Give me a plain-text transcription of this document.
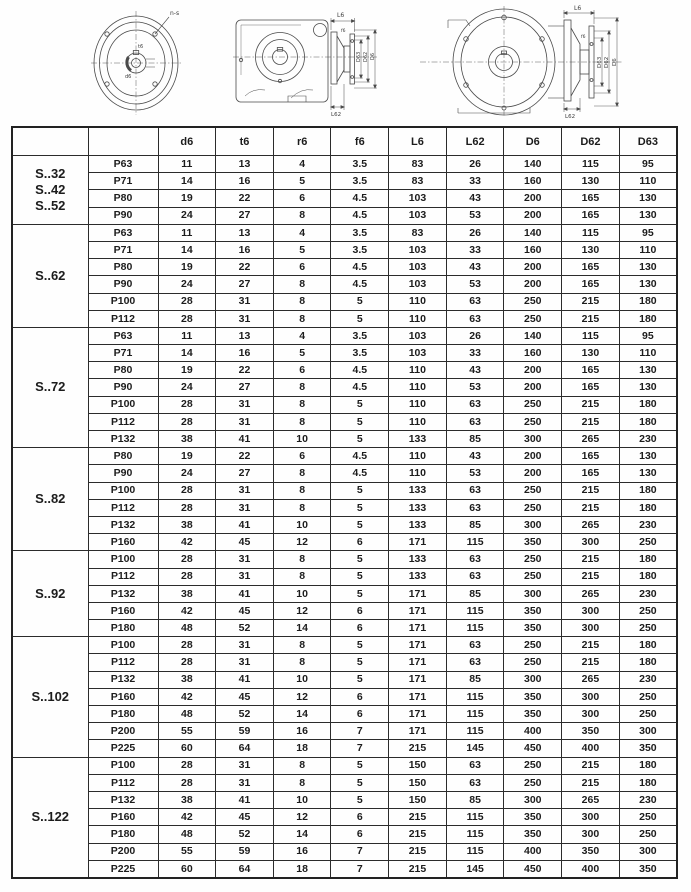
n-s
t6
d6
L6
f6
D63 D62 D6
L62
L6
f6
D63 D62 D6
L62
		d6	t6	r6	f6	L6	L62	D6	D62	D63

S..32
S..42
S..52	P63	11	13	4	3.5	83	26	140	115	95
	P71	14	16	5	3.5	83	33	160	130	110
	P80	19	22	6	4.5	103	43	200	165	130
	P90	24	27	8	4.5	103	53	200	165	130

S..62	P63	11	13	4	3.5	83	26	140	115	95
	P71	14	16	5	3.5	103	33	160	130	110
	P80	19	22	6	4.5	103	43	200	165	130
	P90	24	27	8	4.5	103	53	200	165	130
	P100	28	31	8	5	110	63	250	215	180
	P112	28	31	8	5	110	63	250	215	180

S..72	P63	11	13	4	3.5	103	26	140	115	95
	P71	14	16	5	3.5	103	33	160	130	110
	P80	19	22	6	4.5	110	43	200	165	130
	P90	24	27	8	4.5	110	53	200	165	130
	P100	28	31	8	5	110	63	250	215	180
	P112	28	31	8	5	110	63	250	215	180
	P132	38	41	10	5	133	85	300	265	230

S..82	P80	19	22	6	4.5	110	43	200	165	130
	P90	24	27	8	4.5	110	53	200	165	130
	P100	28	31	8	5	133	63	250	215	180
	P112	28	31	8	5	133	63	250	215	180
	P132	38	41	10	5	133	85	300	265	230
	P160	42	45	12	6	171	115	350	300	250

S..92	P100	28	31	8	5	133	63	250	215	180
	P112	28	31	8	5	133	63	250	215	180
	P132	38	41	10	5	171	85	300	265	230
	P160	42	45	12	6	171	115	350	300	250
	P180	48	52	14	6	171	115	350	300	250

S..102	P100	28	31	8	5	171	63	250	215	180
	P112	28	31	8	5	171	63	250	215	180
	P132	38	41	10	5	171	85	300	265	230
	P160	42	45	12	6	171	115	350	300	250
	P180	48	52	14	6	171	115	350	300	250
	P200	55	59	16	7	171	115	400	350	300
	P225	60	64	18	7	215	145	450	400	350

S..122	P100	28	31	8	5	150	63	250	215	180
	P112	28	31	8	5	150	63	250	215	180
	P132	38	41	10	5	150	85	300	265	230
	P160	42	45	12	6	215	115	350	300	250
	P180	48	52	14	6	215	115	350	300	250
	P200	55	59	16	7	215	115	400	350	300
	P225	60	64	18	7	215	145	450	400	350
